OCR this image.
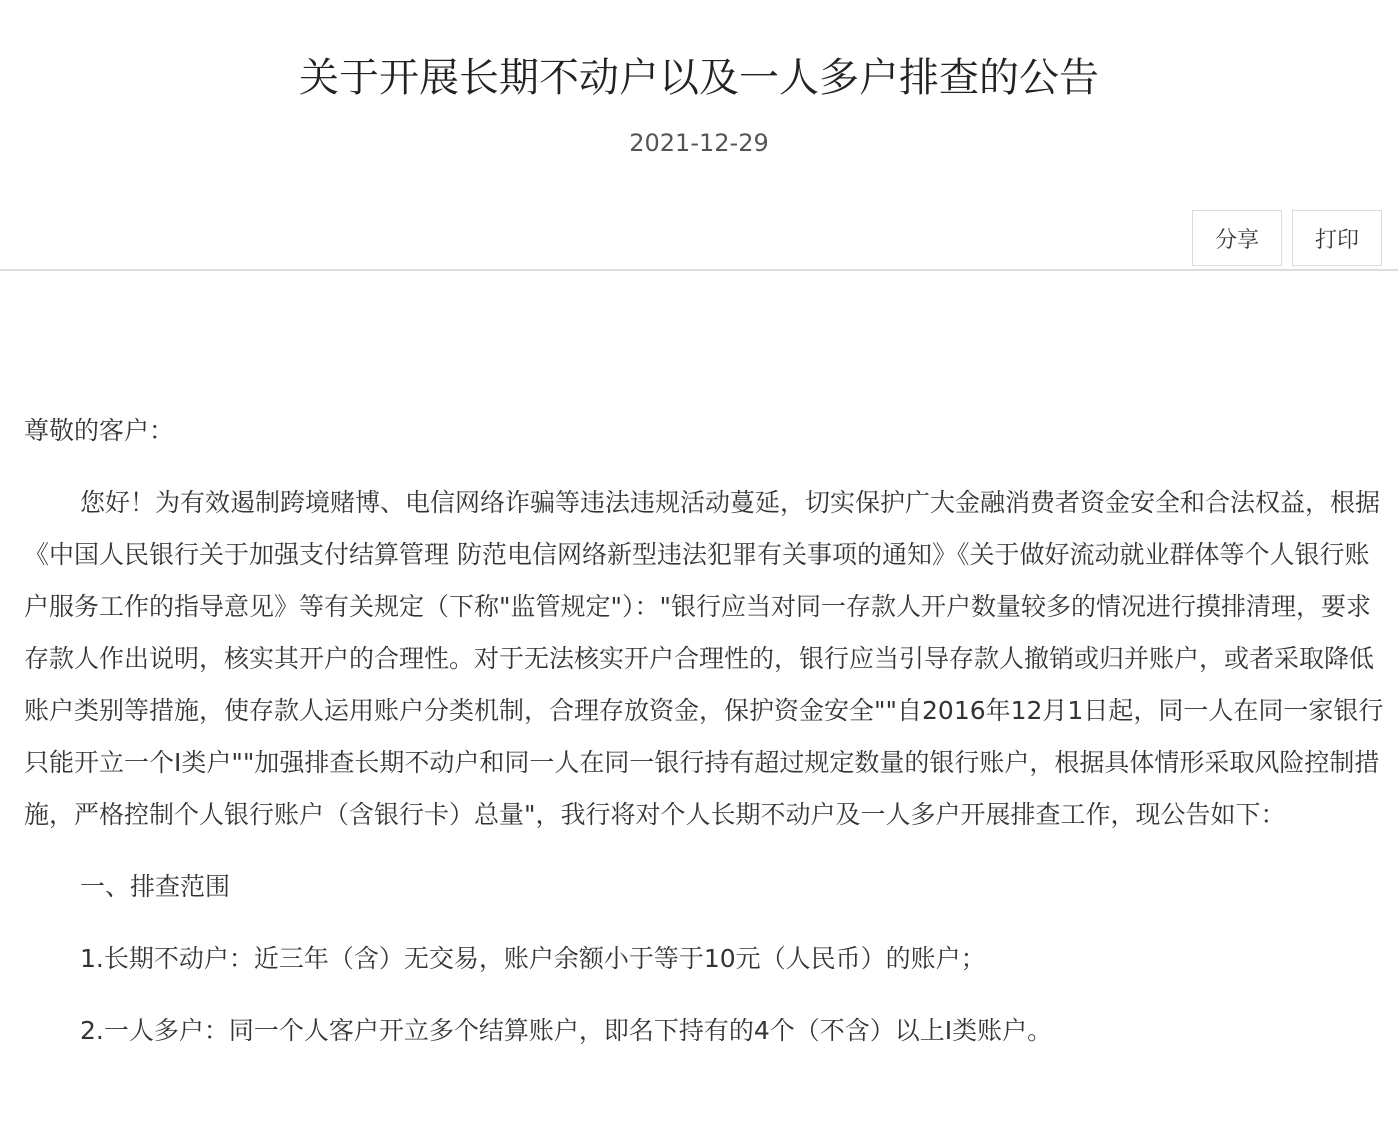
关于开展长期不动户以及一人多户排查的公告
2021-12-29
分享	打印

尊敬的客户：

您好！为有效遏制跨境赌博、电信网络诈骗等违法违规活动蔓延，切实保护广大金融消费者资金安全和合法权益，根据《中国人民银行关于加强支付结算管理 防范电信网络新型违法犯罪有关事项的通知》《关于做好流动就业群体等个人银行账户服务工作的指导意见》等有关规定（下称"监管规定"）："银行应当对同一存款人开户数量较多的情况进行摸排清理，要求存款人作出说明，核实其开户的合理性。对于无法核实开户合理性的，银行应当引导存款人撤销或归并账户，或者采取降低账户类别等措施，使存款人运用账户分类机制，合理存放资金，保护资金安全""自2016年12月1日起，同一人在同一家银行只能开立一个Ⅰ类户""加强排查长期不动户和同一人在同一银行持有超过规定数量的银行账户，根据具体情形采取风险控制措施，严格控制个人银行账户（含银行卡）总量"，我行将对个人长期不动户及一人多户开展排查工作，现公告如下：

一、排查范围

1.长期不动户：近三年（含）无交易，账户余额小于等于10元（人民币）的账户；

2.一人多户：同一个人客户开立多个结算账户，即名下持有的4个（不含）以上Ⅰ类账户。
